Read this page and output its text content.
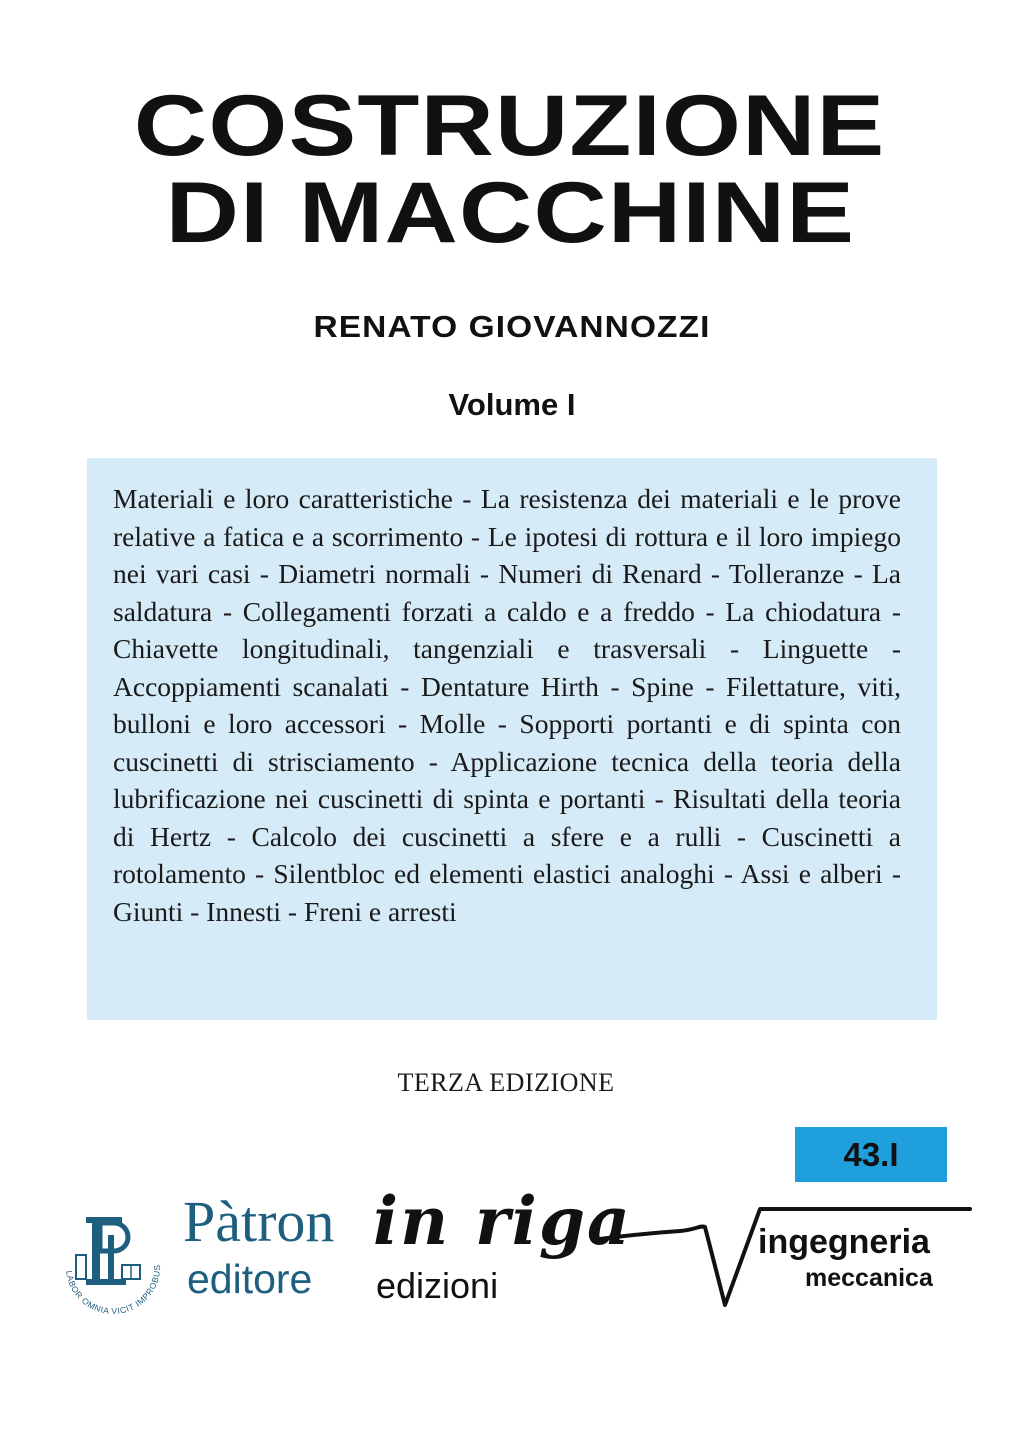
COSTRUZIONE
DI MACCHINE
RENATO GIOVANNOZZI
Volume I

Materiali e loro caratteristiche - La resistenza dei materiali e le prove relative a fatica e a scorrimento - Le ipotesi di rottura e il loro impiego nei vari casi - Diametri normali - Numeri di Renard - Tolleranze - La saldatura - Collegamenti forzati a caldo e a freddo - La chiodatura - Chiavette longitudinali, tangenziali e trasversali - Linguette - Accoppiamenti scanalati - Dentature Hirth - Spine - Filettature, viti, bulloni e loro accessori - Molle - Sopporti portanti e di spinta con cuscinetti di strisciamento - Applicazione tecnica della teoria della lubrificazione nei cuscinetti di spinta e portanti - Risultati della teoria di Hertz - Calcolo dei cuscinetti a sfere e a rulli - Cuscinetti a rotolamento - Silentbloc ed elementi elastici analoghi - Assi e alberi - Giunti - Innesti - Freni e arresti

TERZA EDIZIONE
43.I
LABOR OMNIA VICIT IMPROBUS
Pàtron
editore
in riga
edizioni
ingegneria
meccanica
